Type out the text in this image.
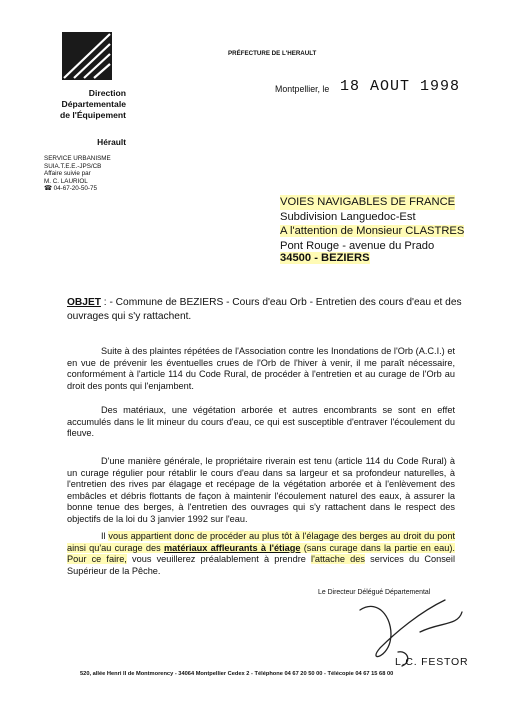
Direction
Départementale
de l'Équipement
Hérault
SERVICE URBANISME
SUIA.T.E.E.-JPS/CB
Affaire suivie par
M. C. LAURIOL
☎ 04-67-20-50-75
PRÉFECTURE DE L'HERAULT
Montpellier, le 18 AOUT 1998
VOIES NAVIGABLES DE FRANCE
Subdivision Languedoc-Est
A l'attention de Monsieur CLASTRES
Pont Rouge - avenue du Prado
34500 - BEZIERS
OBJET : - Commune de BEZIERS - Cours d'eau Orb - Entretien des cours d'eau et des ouvrages qui s'y rattachent.

Suite à des plaintes répétées de l'Association contre les Inondations de l'Orb (A.C.I.) et en vue de prévenir les éventuelles crues de l'Orb de l'hiver à venir, il me paraît nécessaire, conformément à l'article 114 du Code Rural, de procéder à l'entretien et au curage de l'Orb au droit des ponts qui l'enjambent.

Des matériaux, une végétation arborée et autres encombrants se sont en effet accumulés dans le lit mineur du cours d'eau, ce qui est susceptible d'entraver l'écoulement du fleuve.

D'une manière générale, le propriétaire riverain est tenu (article 114 du Code Rural) à un curage régulier pour rétablir le cours d'eau dans sa largeur et sa profondeur naturelles, à l'entretien des rives par élagage et recépage de la végétation arborée et à l'enlèvement des embâcles et débris flottants de façon à maintenir l'écoulement naturel des eaux, à assurer la bonne tenue des berges, à l'entretien des ouvrages qui s'y rattachent dans le respect des objectifs de la loi du 3 janvier 1992 sur l'eau.

Il vous appartient donc de procéder au plus tôt à l'élagage des berges au droit du pont ainsi qu'au curage des matériaux affleurants à l'étiage (sans curage dans la partie en eau). Pour ce faire, vous veuillerez préalablement à prendre l'attache des services du Conseil Supérieur de la Pêche.

Le Directeur Délégué Départemental
L.C. FESTOR
520, allée Henri II de Montmorency - 34064 Montpellier Cedex 2 - Téléphone 04 67 20 50 00 - Télécopie 04 67 15 68 00
